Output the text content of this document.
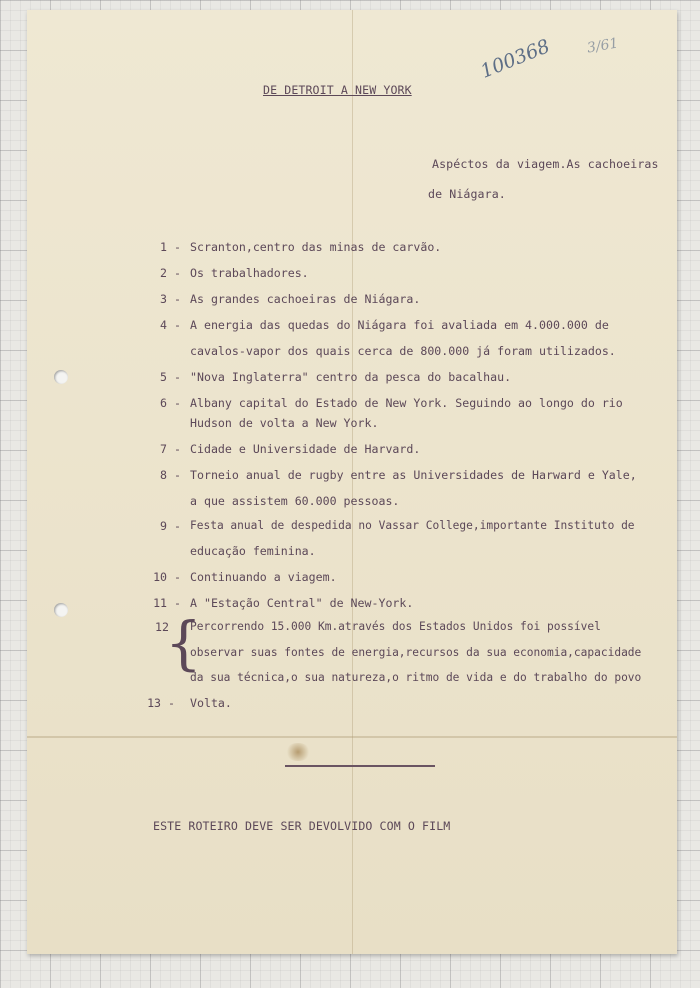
100368 3/61
DE DETROIT A NEW YORK
Aspéctos da viagem.As cachoeiras
de Niágara.
1 - Scranton,centro das minas de carvão.
2 - Os trabalhadores.
3 - As grandes cachoeiras de Niágara.
4 - A energia das quedas do Niágara foi avaliada em 4.000.000 de
cavalos-vapor dos quais cerca de 800.000 já foram utilizados.
5 - "Nova Inglaterra" centro da pesca do bacalhau.
6 - Albany capital do Estado de New York. Seguindo ao longo do rio
Hudson de volta a New York.
7 - Cidade e Universidade de Harvard.
8 - Torneio anual de rugby entre as Universidades de Harward e Yale,
a que assistem 60.000 pessoas.
9 - Festa anual de despedida no Vassar College,importante Instituto de
educação feminina.
10 - Continuando a viagem.
11 - A "Estação Central" de New-York.
12
{
Percorrendo 15.000 Km.através dos Estados Unidos foi possível
observar suas fontes de energia,recursos da sua economia,capacidade
da sua técnica,o sua natureza,o ritmo de vida e do trabalho do povo
13 - Volta.
ESTE ROTEIRO DEVE SER DEVOLVIDO COM O FILM
